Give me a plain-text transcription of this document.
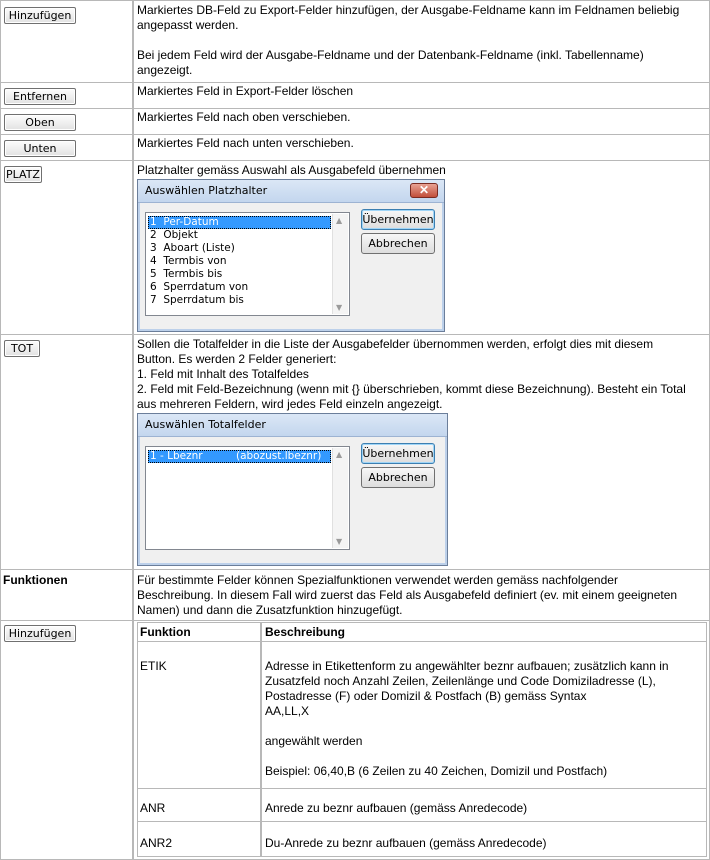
Hinzufügen	Markiertes DB-Feld zu Export-Felder hinzufügen, der Ausgabe-Feldname kann im Feldnamen beliebig

angepasst werden.

Bei jedem Feld wird der Ausgabe-Feldname und der Datenbank-Feldname (inkl. Tabellenname)

angezeigt.

Entfernen	Markiertes Feld in Export-Felder löschen
Oben	Markiertes Feld nach oben verschieben.
Unten	Markiertes Feld nach unten verschieben.
PLATZ	Platzhalter gemäss Auswahl als Ausgabefeld übernehmen
Auswählen Platzhalter	✕
1  Per-Datum
2  Objekt
3  Aboart (Liste)
4  Termbis von
5  Termbis bis
6  Sperrdatum von
7  Sperrdatum bis
▲
▼
Übernehmen
Abbrechen
TOT	Sollen die Totalfelder in die Liste der Ausgabefelder übernommen werden, erfolgt dies mit diesem

Button. Es werden 2 Felder generiert:

1. Feld mit Inhalt des Totalfeldes

2. Feld mit Feld-Bezeichnung (wenn mit {} überschrieben, kommt diese Bezeichnung). Besteht ein Total

aus mehreren Feldern, wird jedes Feld einzeln angezeigt.

Auswählen Totalfelder
1 - Lbeznr          (abozust.lbeznr)	▲
▼
Übernehmen
Abbrechen
Funktionen	Für bestimmte Felder können Spezialfunktionen verwendet werden gemäss nachfolgender

Beschreibung. In diesem Fall wird zuerst das Feld als Ausgabefeld definiert (ev. mit einem geeigneten

Namen) und dann die Zusatzfunktion hinzugefügt.

Hinzufügen	Funktion	Beschreibung
ETIK	Adresse in Etikettenform zu angewählter beznr aufbauen; zusätzlich kann in

Zusatzfeld noch Anzahl Zeilen, Zeilenlänge und Code Domiziladresse (L),

Postadresse (F) oder Domizil & Postfach (B) gemäss Syntax

AA,LL,X

angewählt werden

Beispiel: 06,40,B (6 Zeilen zu 40 Zeichen, Domizil und Postfach)

ANR	Anrede zu beznr aufbauen (gemäss Anredecode)
ANR2	Du-Anrede zu beznr aufbauen (gemäss Anredecode)
